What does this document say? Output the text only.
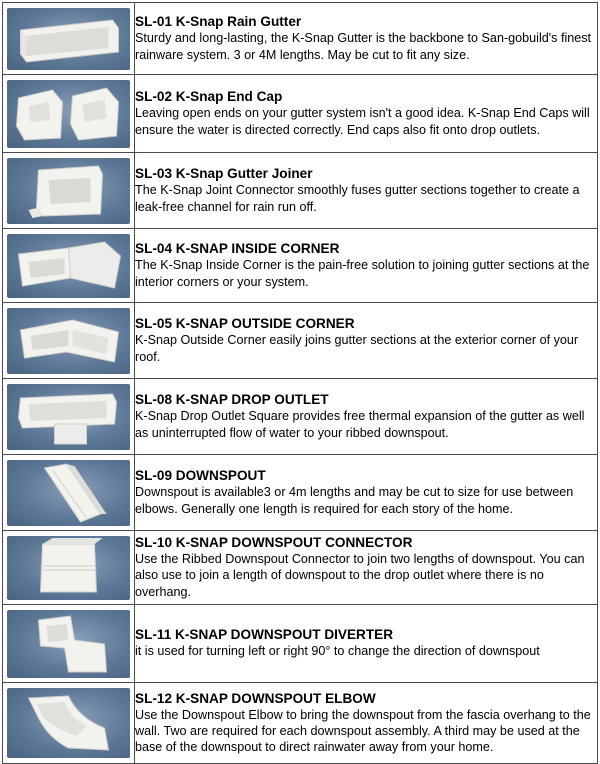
SL-01 K-Snap Rain Gutter
Sturdy and long-lasting, the K-Snap Gutter is the backbone to San-gobuild's finest rainware system. 3 or 4M lengths. May be cut to fit any size.

SL-02 K-Snap End Cap
Leaving open ends on your gutter system isn't a good idea. K-Snap End Caps will ensure the water is directed correctly. End caps also fit onto drop outlets.

SL-03 K-Snap Gutter Joiner
The K-Snap Joint Connector smoothly fuses gutter sections together to create a leak-free channel for rain run off.

SL-04 K-SNAP INSIDE CORNER
The K-Snap Inside Corner is the pain-free solution to joining gutter sections at the interior corners or your system.

SL-05 K-SNAP OUTSIDE CORNER
K-Snap Outside Corner easily joins gutter sections at the exterior corner of your roof.

SL-08 K-SNAP DROP OUTLET
K-Snap Drop Outlet Square provides free thermal expansion of the gutter as well as uninterrupted flow of water to your ribbed downspout.

SL-09 DOWNSPOUT
Downspout is available3 or 4m lengths and may be cut to size for use between elbows. Generally one length is required for each story of the home.

SL-10 K-SNAP DOWNSPOUT CONNECTOR
Use the Ribbed Downspout Connector to join two lengths of downspout. You can also use to join a length of downspout to the drop outlet where there is no overhang.

SL-11 K-SNAP DOWNSPOUT DIVERTER
it is used for turning left or right 90° to change the direction of downspout

SL-12 K-SNAP DOWNSPOUT ELBOW
Use the Downspout Elbow to bring the downspout from the fascia overhang to the wall. Two are required for each downspout assembly. A third may be used at the base of the downspout to direct rainwater away from your home.
